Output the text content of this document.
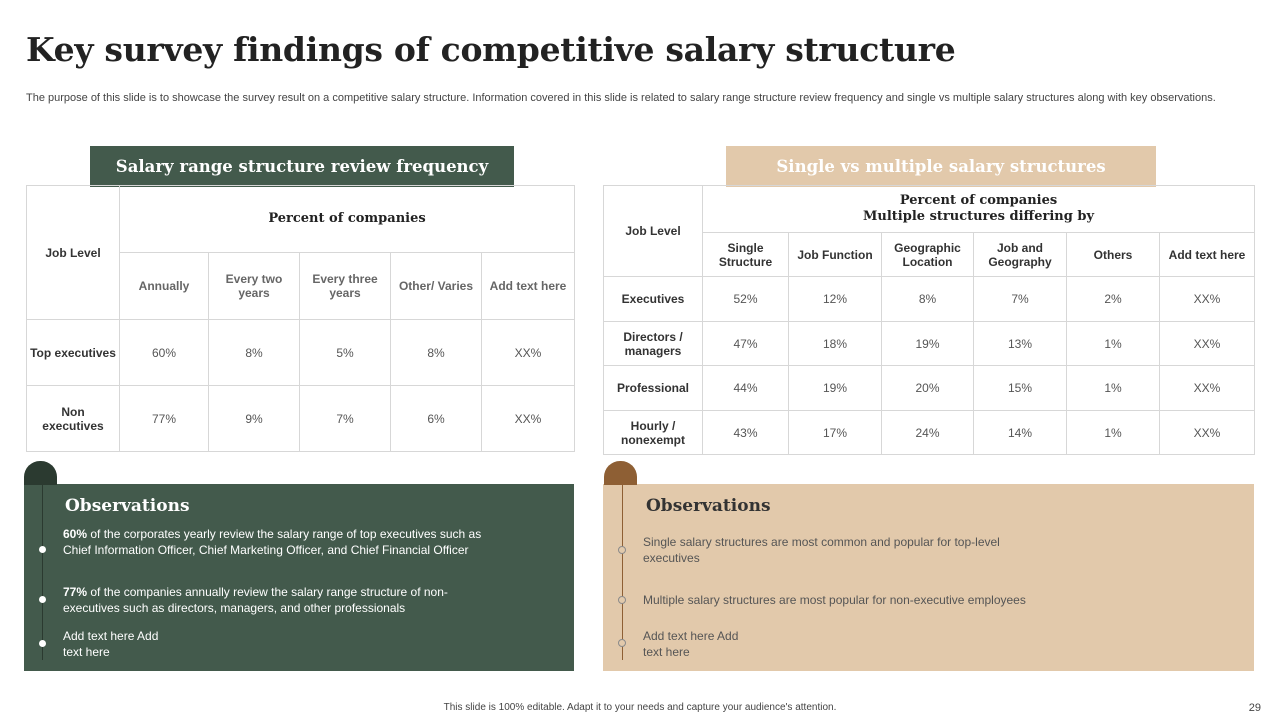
Key survey findings of competitive salary structure
The purpose of this slide is to showcase the survey result on a competitive salary structure. Information covered in this slide is related to salary range structure review frequency and single vs multiple salary structures along with key observations.
Salary range structure review frequency
Job Level	Percent of companies				
	Annually	Every two years	Every three years	Other/ Varies	Add text here
Top executives	60%	8%	5%	8%	XX%
Non executives	77%	9%	7%	6%	XX%
Single vs multiple salary structures
Job Level	Percent of companies
Multiple structures differing by					

	Single Structure	Job Function	Geographic Location	Job and Geography	Others	Add text here
Executives	52%	12%	8%	7%	2%	XX%
Directors / managers	47%	18%	19%	13%	1%	XX%
Professional	44%	19%	20%	15%	1%	XX%
Hourly / nonexempt	43%	17%	24%	14%	1%	XX%
Observations
60% of the corporates yearly review the salary range of top executives such as Chief Information Officer, Chief Marketing Officer, and Chief Financial Officer
77% of the companies annually review the salary range structure of non-executives such as directors, managers, and other professionals
Add text here Add text here
Observations
Single salary structures are most common and popular for top-level executives
Multiple salary structures are most popular for non-executive employees
Add text here Add text here
This slide is 100% editable. Adapt it to your needs and capture your audience's attention.	29
